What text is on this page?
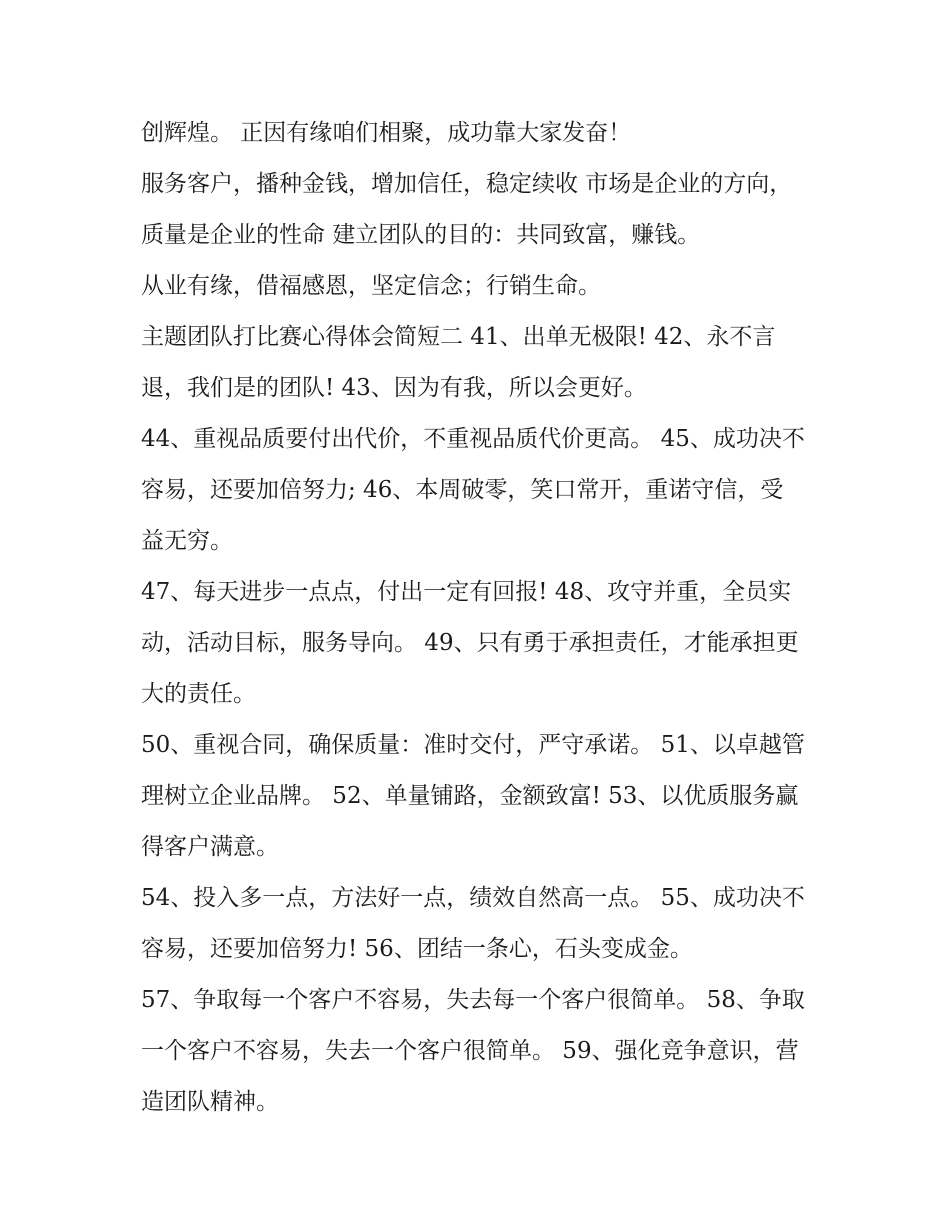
创辉煌。 正因有缘咱们相聚，成功靠大家发奋！

服务客户，播种金钱，增加信任，稳定续收 市场是企业的方向，质量是企业的性命 建立团队的目的：共同致富，赚钱。

从业有缘，借福感恩，坚定信念；行销生命。

主题团队打比赛心得体会简短二 41、出单无极限! 42、永不言退，我们是的团队! 43、因为有我，所以会更好。

44、重视品质要付出代价，不重视品质代价更高。 45、成功决不容易，还要加倍努力; 46、本周破零，笑口常开，重诺守信，受益无穷。

47、每天进步一点点，付出一定有回报! 48、攻守并重，全员实动，活动目标，服务导向。 49、只有勇于承担责任，才能承担更大的责任。

50、重视合同，确保质量：准时交付，严守承诺。 51、以卓越管理树立企业品牌。 52、单量铺路，金额致富! 53、以优质服务赢得客户满意。

54、投入多一点，方法好一点，绩效自然高一点。 55、成功决不容易，还要加倍努力! 56、团结一条心，石头变成金。

57、争取每一个客户不容易，失去每一个客户很简单。 58、争取一个客户不容易，失去一个客户很简单。 59、强化竞争意识，营造团队精神。
